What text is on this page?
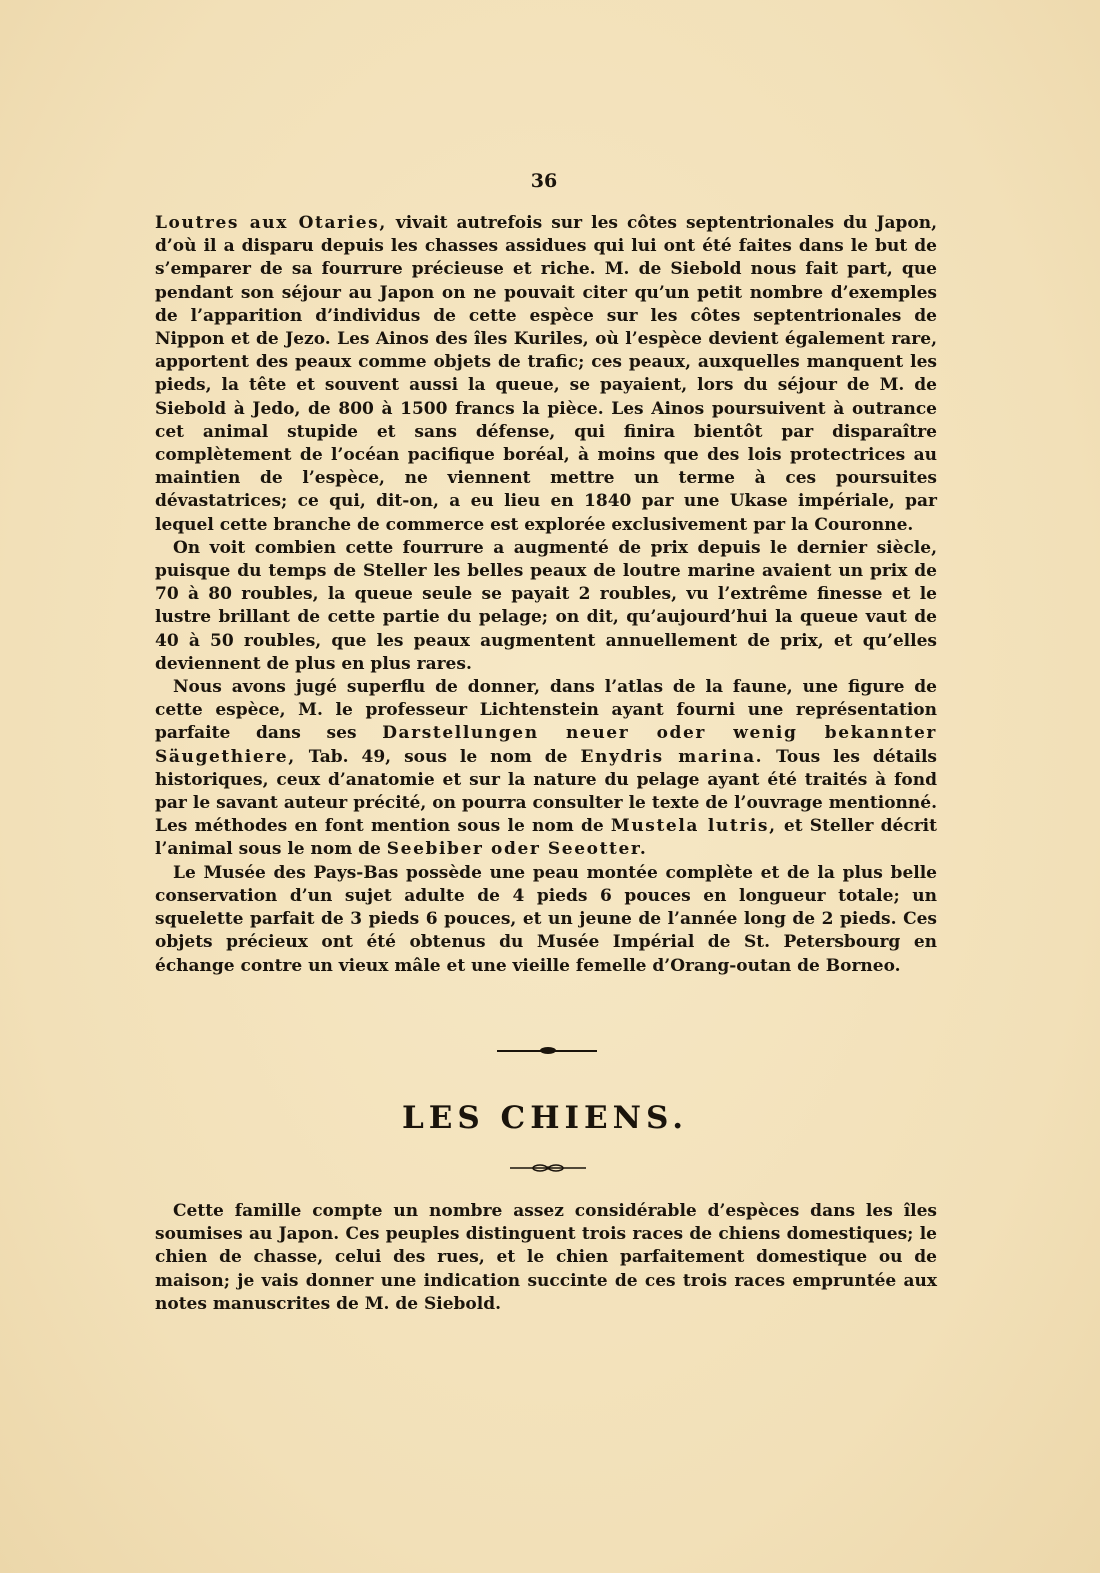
36

Loutres aux Otaries, vivait autrefois sur les côtes septentrionales du Japon, d’où il a disparu depuis les chasses assidues qui lui ont été faites dans le but de s’emparer de sa fourrure précieuse et riche. M. de Siebold nous fait part, que pendant son séjour au Japon on ne pouvait citer qu’un petit nombre d’exemples de l’apparition d’individus de cette espèce sur les côtes septentrionales de Nippon et de Jezo. Les Ainos des îles Kuriles, où l’espèce devient également rare, apportent des peaux comme objets de trafic; ces peaux, auxquelles manquent les pieds, la tête et souvent aussi la queue, se payaient, lors du séjour de M. de Siebold à Jedo, de 800 à 1500 francs la pièce. Les Ainos poursuivent à outrance cet animal stupide et sans défense, qui finira bientôt par disparaître complètement de l’océan pacifique boréal, à moins que des lois protectrices au maintien de l’espèce, ne viennent mettre un terme à ces poursuites dévastatrices; ce qui, dit-on, a eu lieu en 1840 par une Ukase impériale, par lequel cette branche de commerce est explorée exclusivement par la Couronne.

On voit combien cette fourrure a augmenté de prix depuis le dernier siècle, puisque du temps de Steller les belles peaux de loutre marine avaient un prix de 70 à 80 roubles, la queue seule se payait 2 roubles, vu l’extrême finesse et le lustre brillant de cette partie du pelage; on dit, qu’aujourd’hui la queue vaut de 40 à 50 roubles, que les peaux augmentent annuellement de prix, et qu’elles deviennent de plus en plus rares.

Nous avons jugé superflu de donner, dans l’atlas de la faune, une figure de cette espèce, M. le professeur Lichtenstein ayant fourni une représentation parfaite dans ses Darstellungen neuer oder wenig bekannter Säugethiere, Tab. 49, sous le nom de Enydris marina. Tous les détails historiques, ceux d’anatomie et sur la nature du pelage ayant été traités à fond par le savant auteur précité, on pourra consulter le texte de l’ouvrage mentionné. Les méthodes en font mention sous le nom de Mustela lutris, et Steller décrit l’animal sous le nom de Seebiber oder Seeotter.

Le Musée des Pays-Bas possède une peau montée complète et de la plus belle conservation d’un sujet adulte de 4 pieds 6 pouces en longueur totale; un squelette parfait de 3 pieds 6 pouces, et un jeune de l’année long de 2 pieds. Ces objets précieux ont été obtenus du Musée Impérial de St. Petersbourg en échange contre un vieux mâle et une vieille femelle d’Orang-outan de Borneo.

LES CHIENS.

Cette famille compte un nombre assez considérable d’espèces dans les îles soumises au Japon. Ces peuples distinguent trois races de chiens domestiques; le chien de chasse, celui des rues, et le chien parfaitement domestique ou de maison; je vais donner une indication succinte de ces trois races empruntée aux notes manuscrites de M. de Siebold.
